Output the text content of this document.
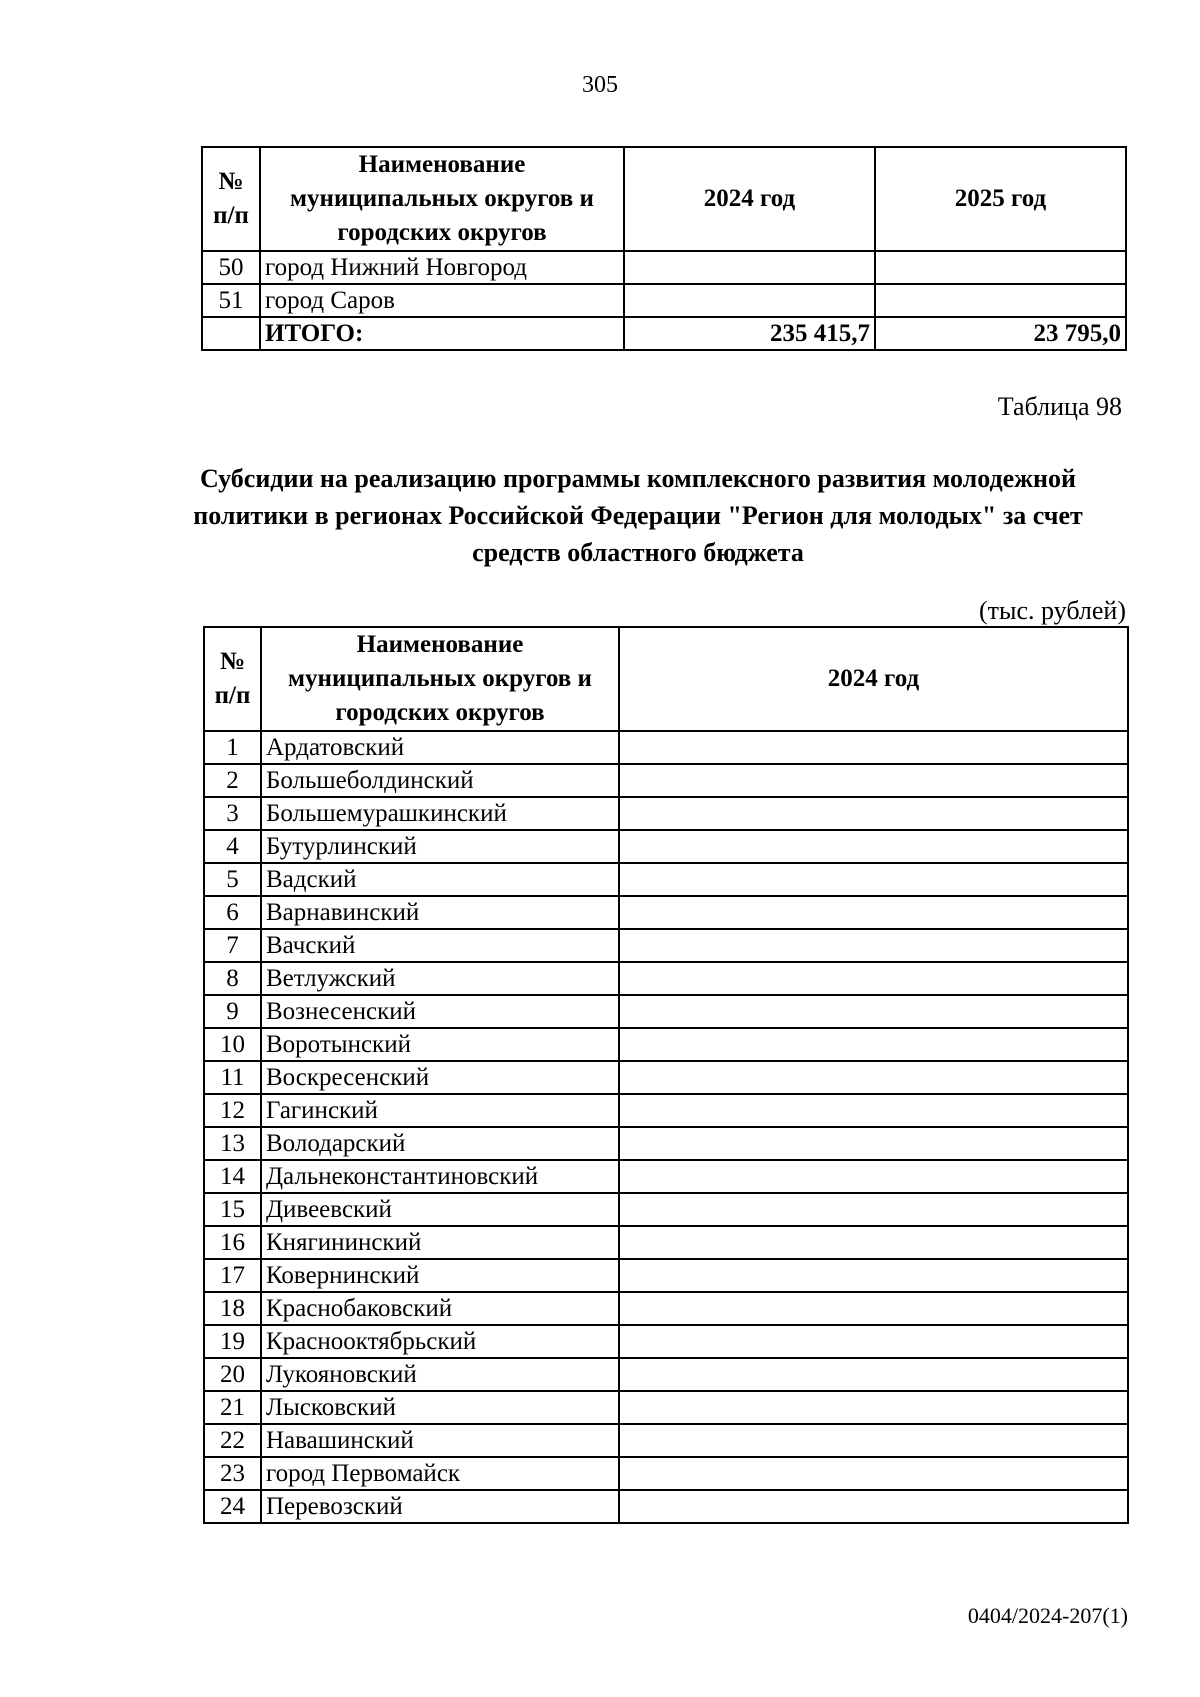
305
№ п/п	Наименование муниципальных округов и городских округов	2024 год	2025 год
50	город Нижний Новгород		
51	город Саров		
	ИТОГО:	235 415,7	23 795,0
Таблица 98
Субсидии на реализацию программы комплексного развития молодежной политики в регионах Российской Федерации "Регион для молодых" за счет средств областного бюджета
(тыс. рублей)
№ п/п	Наименование муниципальных округов и городских округов	2024 год
1	Ардатовский	
2	Большеболдинский	
3	Большемурашкинский	
4	Бутурлинский	
5	Вадский	
6	Варнавинский	
7	Вачский	
8	Ветлужский	
9	Вознесенский	
10	Воротынский	
11	Воскресенский	
12	Гагинский	
13	Володарский	
14	Дальнеконстантиновский	
15	Дивеевский	
16	Княгининский	
17	Ковернинский	
18	Краснобаковский	
19	Краснооктябрьский	
20	Лукояновский	
21	Лысковский	
22	Навашинский	
23	город Первомайск	
24	Перевозский	
0404/2024-207(1)
